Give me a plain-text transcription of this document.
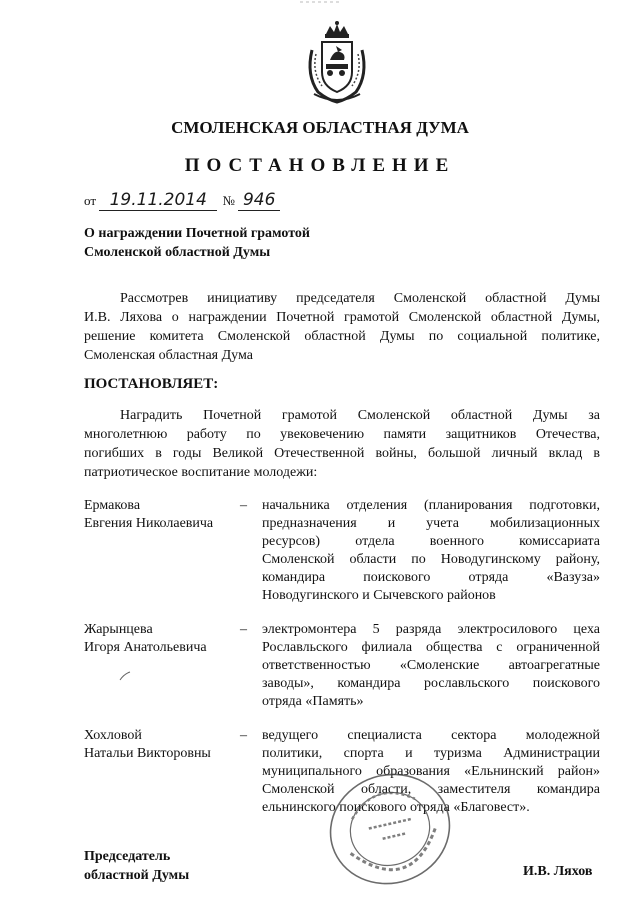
СМОЛЕНСКАЯ ОБЛАСТНАЯ ДУМА
ПОСТАНОВЛЕНИЕ
от 19.11.2014 № 946
О награждении Почетной грамотой
Смоленской областной Думы
Рассмотрев инициативу председателя Смоленской областной Думы
И.В. Ляхова о награждении Почетной грамотой Смоленской областной Думы,
решение комитета Смоленской областной Думы по социальной политике,
Смоленская областная Дума
ПОСТАНОВЛЯЕТ:
Наградить Почетной грамотой Смоленской областной Думы за
многолетнюю работу по увековечению памяти защитников Отечества,
погибших в годы Великой Отечественной войны, большой личный вклад в
патриотическое воспитание молодежи:
Ермакова
Евгения Николаевича
– начальника отделения (планирования подготовки,
предназначения и учета мобилизационных
ресурсов) отдела военного комиссариата
Смоленской области по Новодугинскому району,
командира поискового отряда «Вазуза»
Новодугинского и Сычевского районов
Жарынцева
Игоря Анатольевича
– электромонтера 5 разряда электросилового цеха
Рославльского филиала общества с ограниченной
ответственностью «Смоленские автоагрегатные
заводы», командира рославльского поискового
отряда «Память»
Хохловой
Натальи Викторовны
– ведущего специалиста сектора молодежной
политики, спорта и туризма Администрации
муниципального образования «Ельнинский район»
Смоленской области, заместителя командира
ельнинского поискового отряда «Благовест».
Председатель
областной Думы	И.В. Ляхов
